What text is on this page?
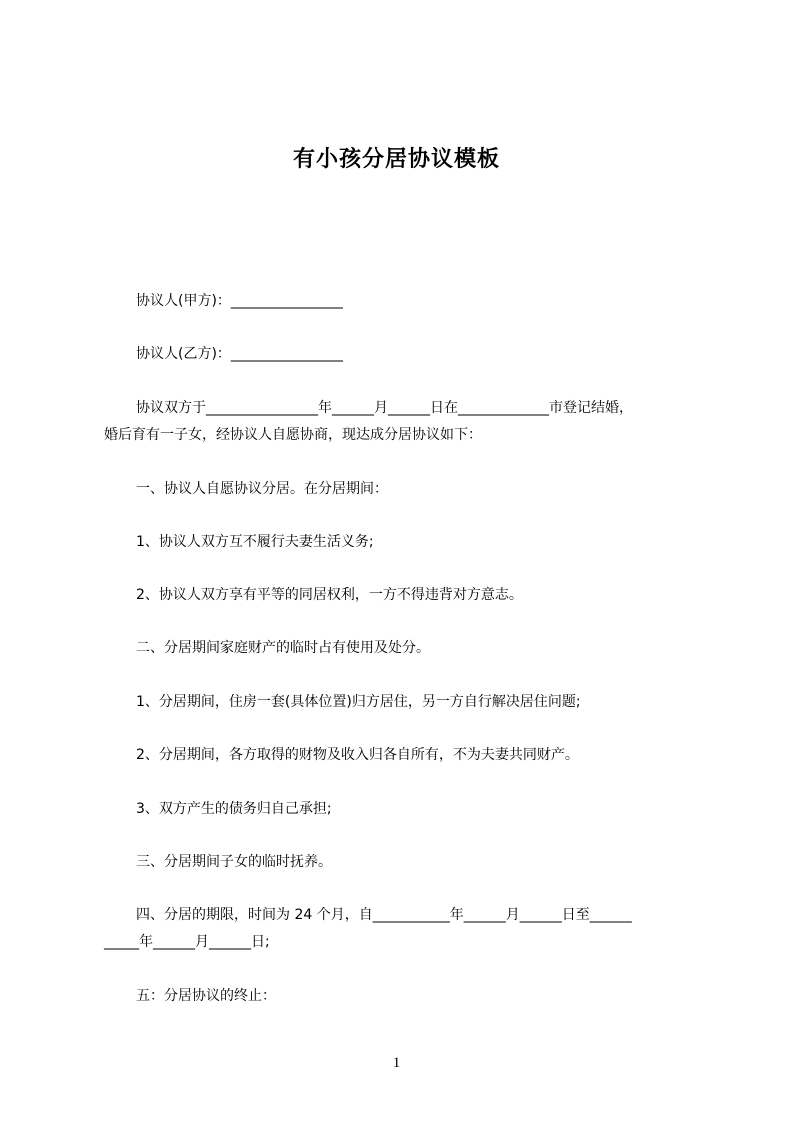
有小孩分居协议模板
协议人(甲方)：________________
协议人(乙方)：________________
协议双方于________________年______月______日在_____________市登记结婚，
婚后育有一子女，经协议人自愿协商，现达成分居协议如下：
一、协议人自愿协议分居。在分居期间：
1、协议人双方互不履行夫妻生活义务;
2、协议人双方享有平等的同居权利，一方不得违背对方意志。
二、分居期间家庭财产的临时占有使用及处分。
1、分居期间，住房一套(具体位置)归方居住，另一方自行解决居住问题;
2、分居期间，各方取得的财物及收入归各自所有，不为夫妻共同财产。
3、双方产生的债务归自己承担;
三、分居期间子女的临时抚养。
四、分居的期限，时间为 24 个月，自___________年______月______日至______
_____年______月______日;
五：分居协议的终止：
1
